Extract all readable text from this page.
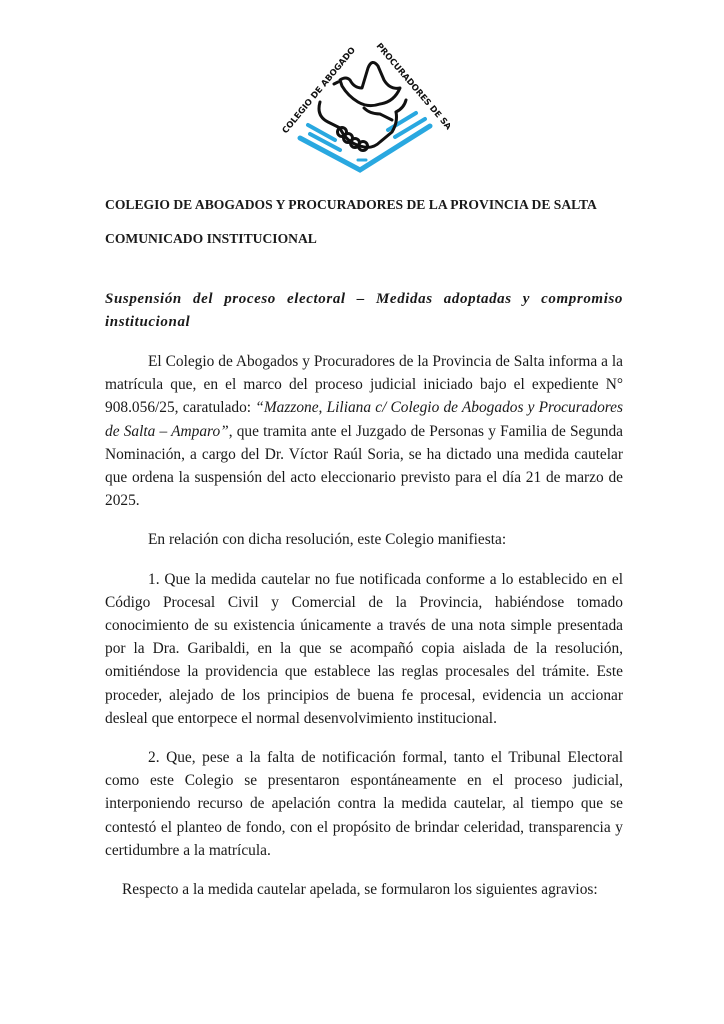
COLEGIO DE ABOGADO	PROCURADORES DE S
COLEGIO DE ABOGADOS Y PROCURADORES DE LA PROVINCIA DE SALTA
COMUNICADO INSTITUCIONAL
Suspensión del proceso electoral – Medidas adoptadas y compromiso institucional

El Colegio de Abogados y Procuradores de la Provincia de Salta informa a la matrícula que, en el marco del proceso judicial iniciado bajo el expediente N° 908.056/25, caratulado: “Mazzone, Liliana c/ Colegio de Abogados y Procuradores de Salta – Amparo”, que tramita ante el Juzgado de Personas y Familia de Segunda Nominación, a cargo del Dr. Víctor Raúl Soria, se ha dictado una medida cautelar que ordena la suspensión del acto eleccionario previsto para el día 21 de marzo de 2025.

En relación con dicha resolución, este Colegio manifiesta:

1. Que la medida cautelar no fue notificada conforme a lo establecido en el Código Procesal Civil y Comercial de la Provincia, habiéndose tomado conocimiento de su existencia únicamente a través de una nota simple presentada por la Dra. Garibaldi, en la que se acompañó copia aislada de la resolución, omitiéndose la providencia que establece las reglas procesales del trámite. Este proceder, alejado de los principios de buena fe procesal, evidencia un accionar desleal que entorpece el normal desenvolvimiento institucional.

2. Que, pese a la falta de notificación formal, tanto el Tribunal Electoral como este Colegio se presentaron espontáneamente en el proceso judicial, interponiendo recurso de apelación contra la medida cautelar, al tiempo que se contestó el planteo de fondo, con el propósito de brindar celeridad, transparencia y certidumbre a la matrícula.

Respecto a la medida cautelar apelada, se formularon los siguientes agravios:
